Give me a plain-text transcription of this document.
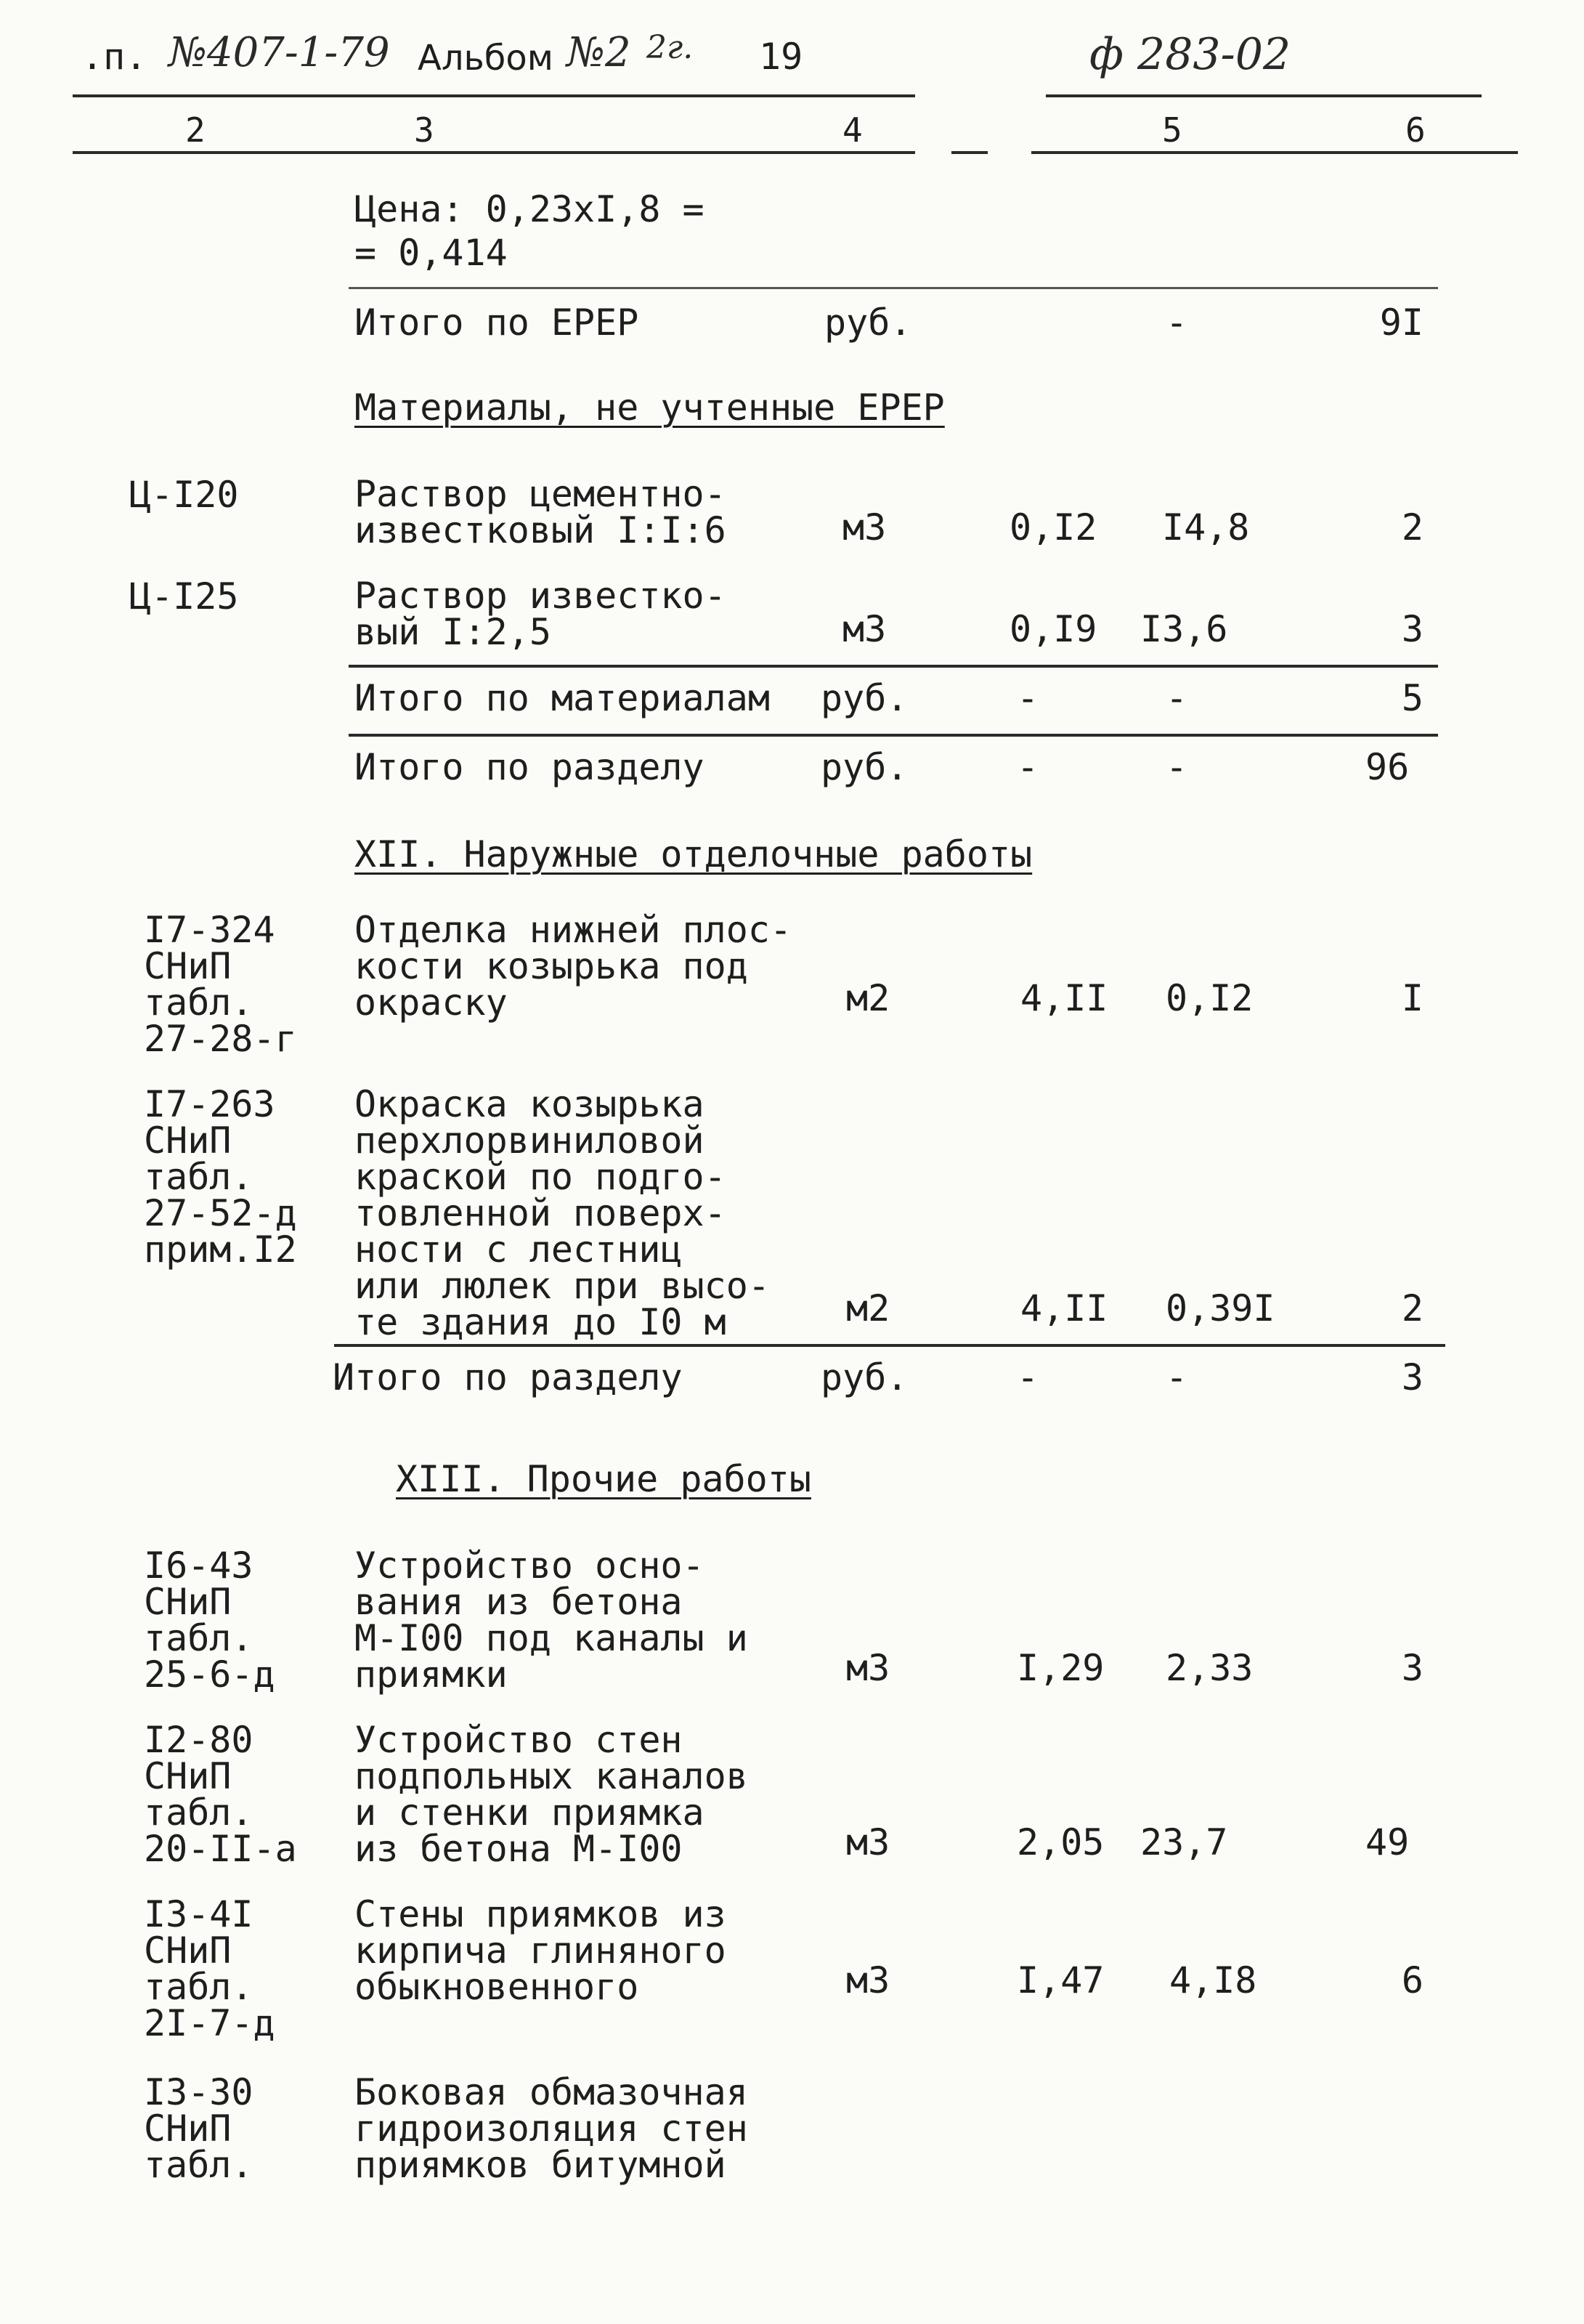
.п. №407-1-79 Альбом №2 2г. 19	ф 283-02
2	3	4	5	6
Цена: 0,23хI,8 =
= 0,414
Итого по ЕРЕР	руб.	-	9I
Материалы, не учтенные ЕРЕР
Ц-I20	Раствор цементно-
известковый I:I:6	м3	0,I2 I4,8	2
Ц-I25	Раствор известко-
вый I:2,5	м3	0,I9 I3,6	3
Итого по материалам руб.	-	-	5
Итого по разделу	руб.	-	-	96
XII. Наружные отделочные работы
I7-324
СНиП
табл.
27-28-г
Отделка нижней плос-
кости козырька под
окраску	м2	4,II 0,I2	I
I7-263
СНиП
табл.
27-52-д
прим.I2
Окраска козырька
перхлорвиниловой
краской по подго-
товленной поверх-
ности с лестниц
или люлек при высо-
те здания до I0 м	м2	4,II 0,39I	2
Итого по разделу	руб.	-	-	3
XIII. Прочие работы
I6-43
СНиП
табл.
25-6-д
Устройство осно-
вания из бетона
М-I00 под каналы и
приямки	м3	I,29 2,33	3
I2-80
СНиП
табл.
20-II-а
Устройство стен
подпольных каналов
и стенки приямка
из бетона М-I00	м3	2,05 23,7	49
I3-4I
СНиП
табл.
2I-7-д
Стены приямков из
кирпича глиняного
обыкновенного	м3	I,47 4,I8	6
I3-30
СНиП
табл.
Боковая обмазочная
гидроизоляция стен
приямков битумной
